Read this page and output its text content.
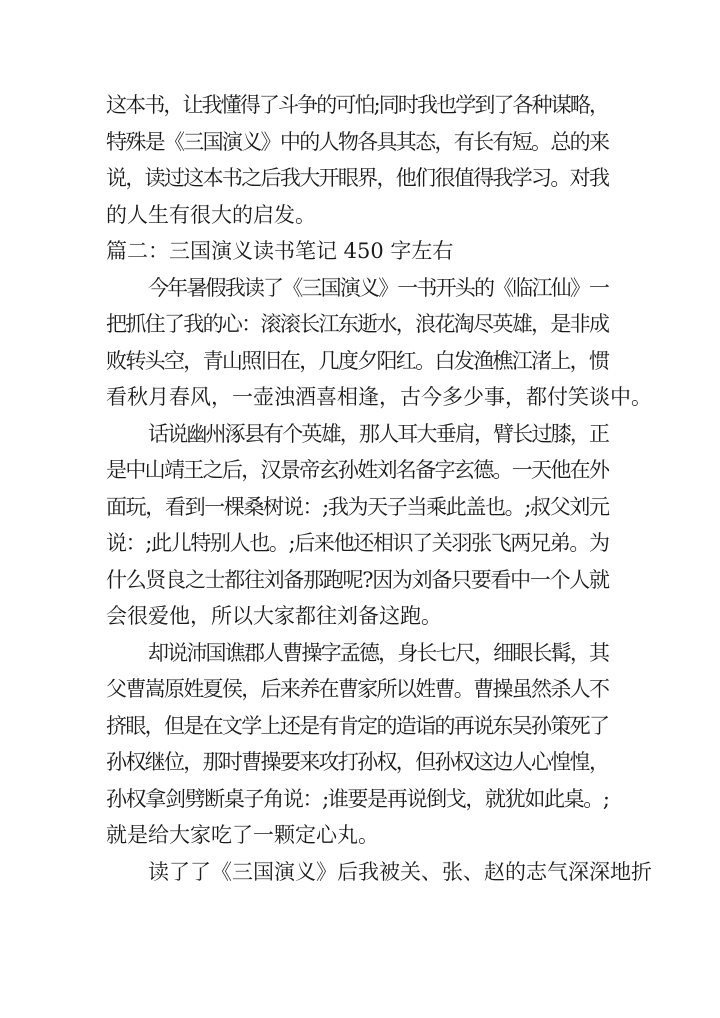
这本书，让我懂得了斗争的可怕;同时我也学到了各种谋略，
特殊是《三国演义》中的人物各具其态，有长有短。总的来
说，读过这本书之后我大开眼界，他们很值得我学习。对我
的人生有很大的启发。
篇二：三国演义读书笔记 450 字左右
今年暑假我读了《三国演义》一书开头的《临江仙》一
把抓住了我的心：滚滚长江东逝水，浪花淘尽英雄，是非成
败转头空，青山照旧在，几度夕阳红。白发渔樵江渚上，惯
看秋月春风，一壶浊酒喜相逢，古今多少事，都付笑谈中。
话说幽州涿县有个英雄，那人耳大垂肩，臂长过膝，正
是中山靖王之后，汉景帝玄孙姓刘名备字玄德。一天他在外
面玩，看到一棵桑树说：;我为天子当乘此盖也。;叔父刘元
说：;此儿特别人也。;后来他还相识了关羽张飞两兄弟。为
什么贤良之士都往刘备那跑呢?因为刘备只要看中一个人就
会很爱他，所以大家都往刘备这跑。
却说沛国谯郡人曹操字孟德，身长七尺，细眼长髯，其
父曹嵩原姓夏侯，后来养在曹家所以姓曹。曹操虽然杀人不
挤眼，但是在文学上还是有肯定的造诣的再说东吴孙策死了
孙权继位，那时曹操要来攻打孙权，但孙权这边人心惶惶，
孙权拿剑劈断桌子角说：;谁要是再说倒戈，就犹如此桌。;
就是给大家吃了一颗定心丸。
读了了《三国演义》后我被关、张、赵的志气深深地折
